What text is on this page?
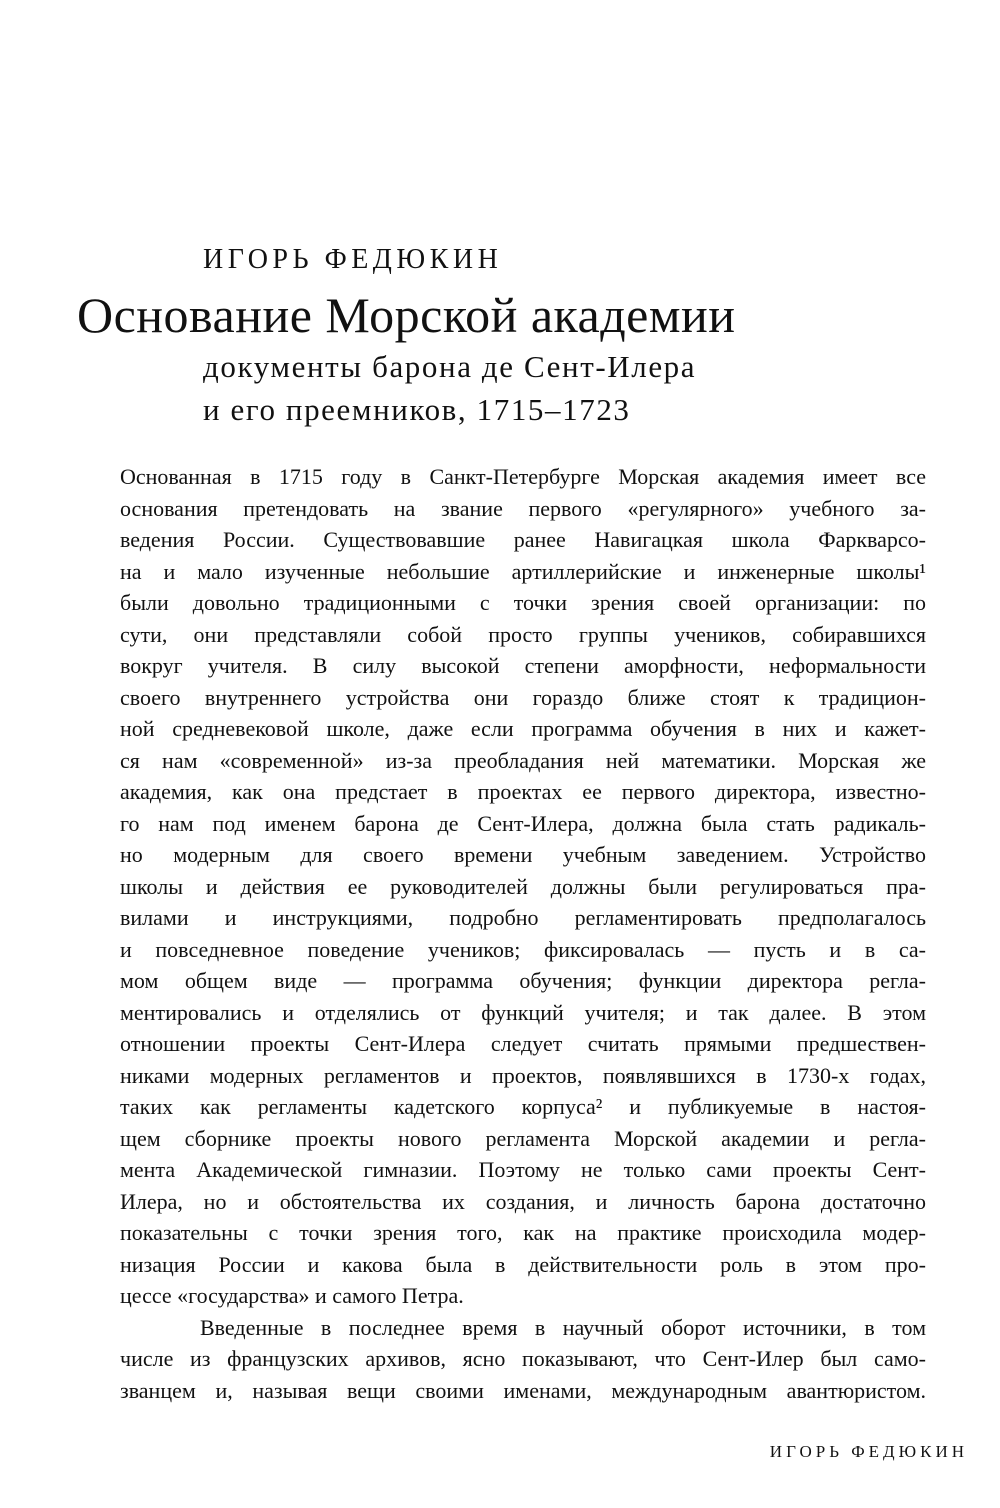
ИГОРЬ ФЕДЮКИН
Основание Морской академии
документы барона де Сент-Илера
и его преемников, 1715–1723
Основанная в 1715 году в Санкт-Петербурге Морская академия имеет все
основания претендовать на звание первого «регулярного» учебного за-
ведения России. Существовавшие ранее Навигацкая школа Фаркварсо-
на и мало изученные небольшие артиллерийские и инженерные школы¹
были довольно традиционными с точки зрения своей организации: по
сути, они представляли собой просто группы учеников, собиравшихся
вокруг учителя. В силу высокой степени аморфности, неформальности
своего внутреннего устройства они гораздо ближе стоят к традицион-
ной средневековой школе, даже если программа обучения в них и кажет-
ся нам «современной» из-за преобладания ней математики. Морская же
академия, как она предстает в проектах ее первого директора, известно-
го нам под именем барона де Сент-Илера, должна была стать радикаль-
но модерным для своего времени учебным заведением. Устройство
школы и действия ее руководителей должны были регулироваться пра-
вилами и инструкциями, подробно регламентировать предполагалось
и повседневное поведение учеников; фиксировалась — пусть и в са-
мом общем виде — программа обучения; функции директора регла-
ментировались и отделялись от функций учителя; и так далее. В этом
отношении проекты Сент-Илера следует считать прямыми предшествен-
никами модерных регламентов и проектов, появлявшихся в 1730-х годах,
таких как регламенты кадетского корпуса² и публикуемые в настоя-
щем сборнике проекты нового регламента Морской академии и регла-
мента Академической гимназии. Поэтому не только сами проекты Сент-
Илера, но и обстоятельства их создания, и личность барона достаточно
показательны с точки зрения того, как на практике происходила модер-
низация России и какова была в действительности роль в этом про-
цессе «государства» и самого Петра.
Введенные в последнее время в научный оборот источники, в том
числе из французских архивов, ясно показывают, что Сент-Илер был само-
званцем и, называя вещи своими именами, международным авантюристом.
ИГОРЬ ФЕДЮКИН
